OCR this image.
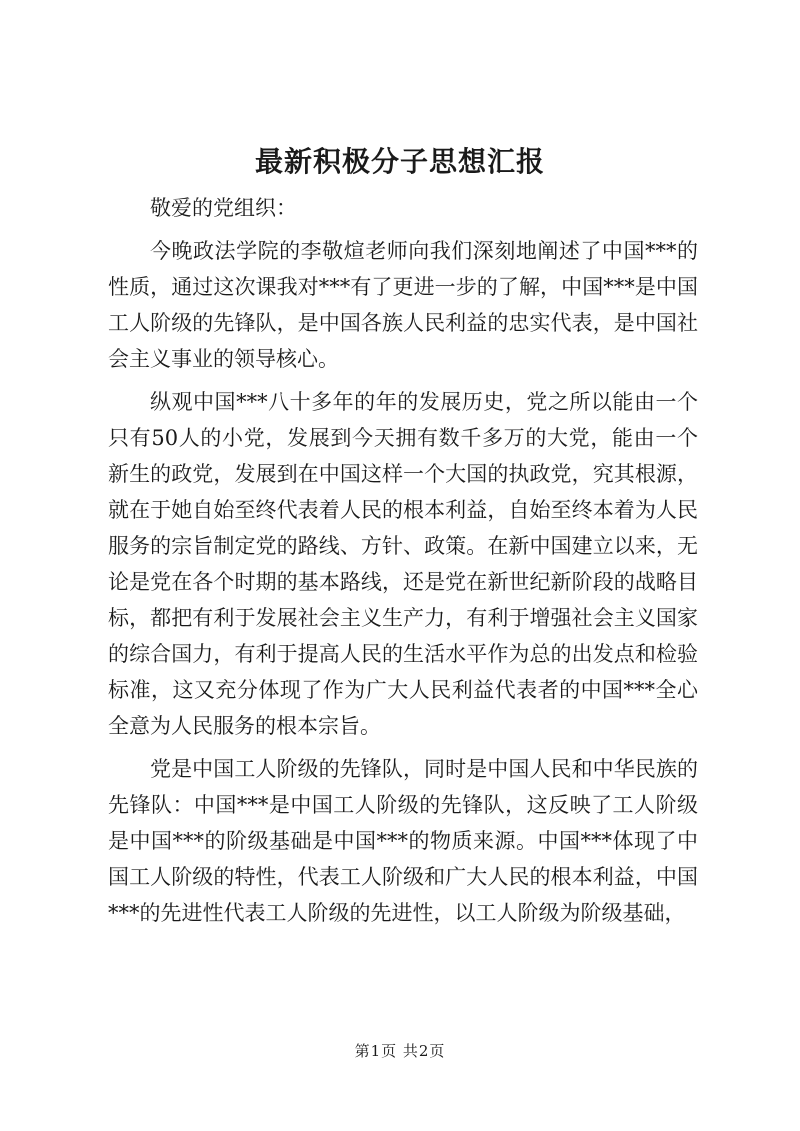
最新积极分子思想汇报

敬爱的党组织：

今晚政法学院的李敬煊老师向我们深刻地阐述了中国***的性质，通过这次课我对***有了更进一步的了解，中国***是中国工人阶级的先锋队，是中国各族人民利益的忠实代表，是中国社会主义事业的领导核心。

纵观中国***八十多年的年的发展历史，党之所以能由一个只有50人的小党，发展到今天拥有数千多万的大党，能由一个新生的政党，发展到在中国这样一个大国的执政党，究其根源，就在于她自始至终代表着人民的根本利益，自始至终本着为人民服务的宗旨制定党的路线、方针、政策。在新中国建立以来，无论是党在各个时期的基本路线，还是党在新世纪新阶段的战略目标，都把有利于发展社会主义生产力，有利于增强社会主义国家的综合国力，有利于提高人民的生活水平作为总的出发点和检验标准，这又充分体现了作为广大人民利益代表者的中国***全心全意为人民服务的根本宗旨。

党是中国工人阶级的先锋队，同时是中国人民和中华民族的先锋队：中国***是中国工人阶级的先锋队，这反映了工人阶级是中国***的阶级基础是中国***的物质来源。中国***体现了中国工人阶级的特性，代表工人阶级和广大人民的根本利益，中国***的先进性代表工人阶级的先进性，以工人阶级为阶级基础，

第1页 共2页
